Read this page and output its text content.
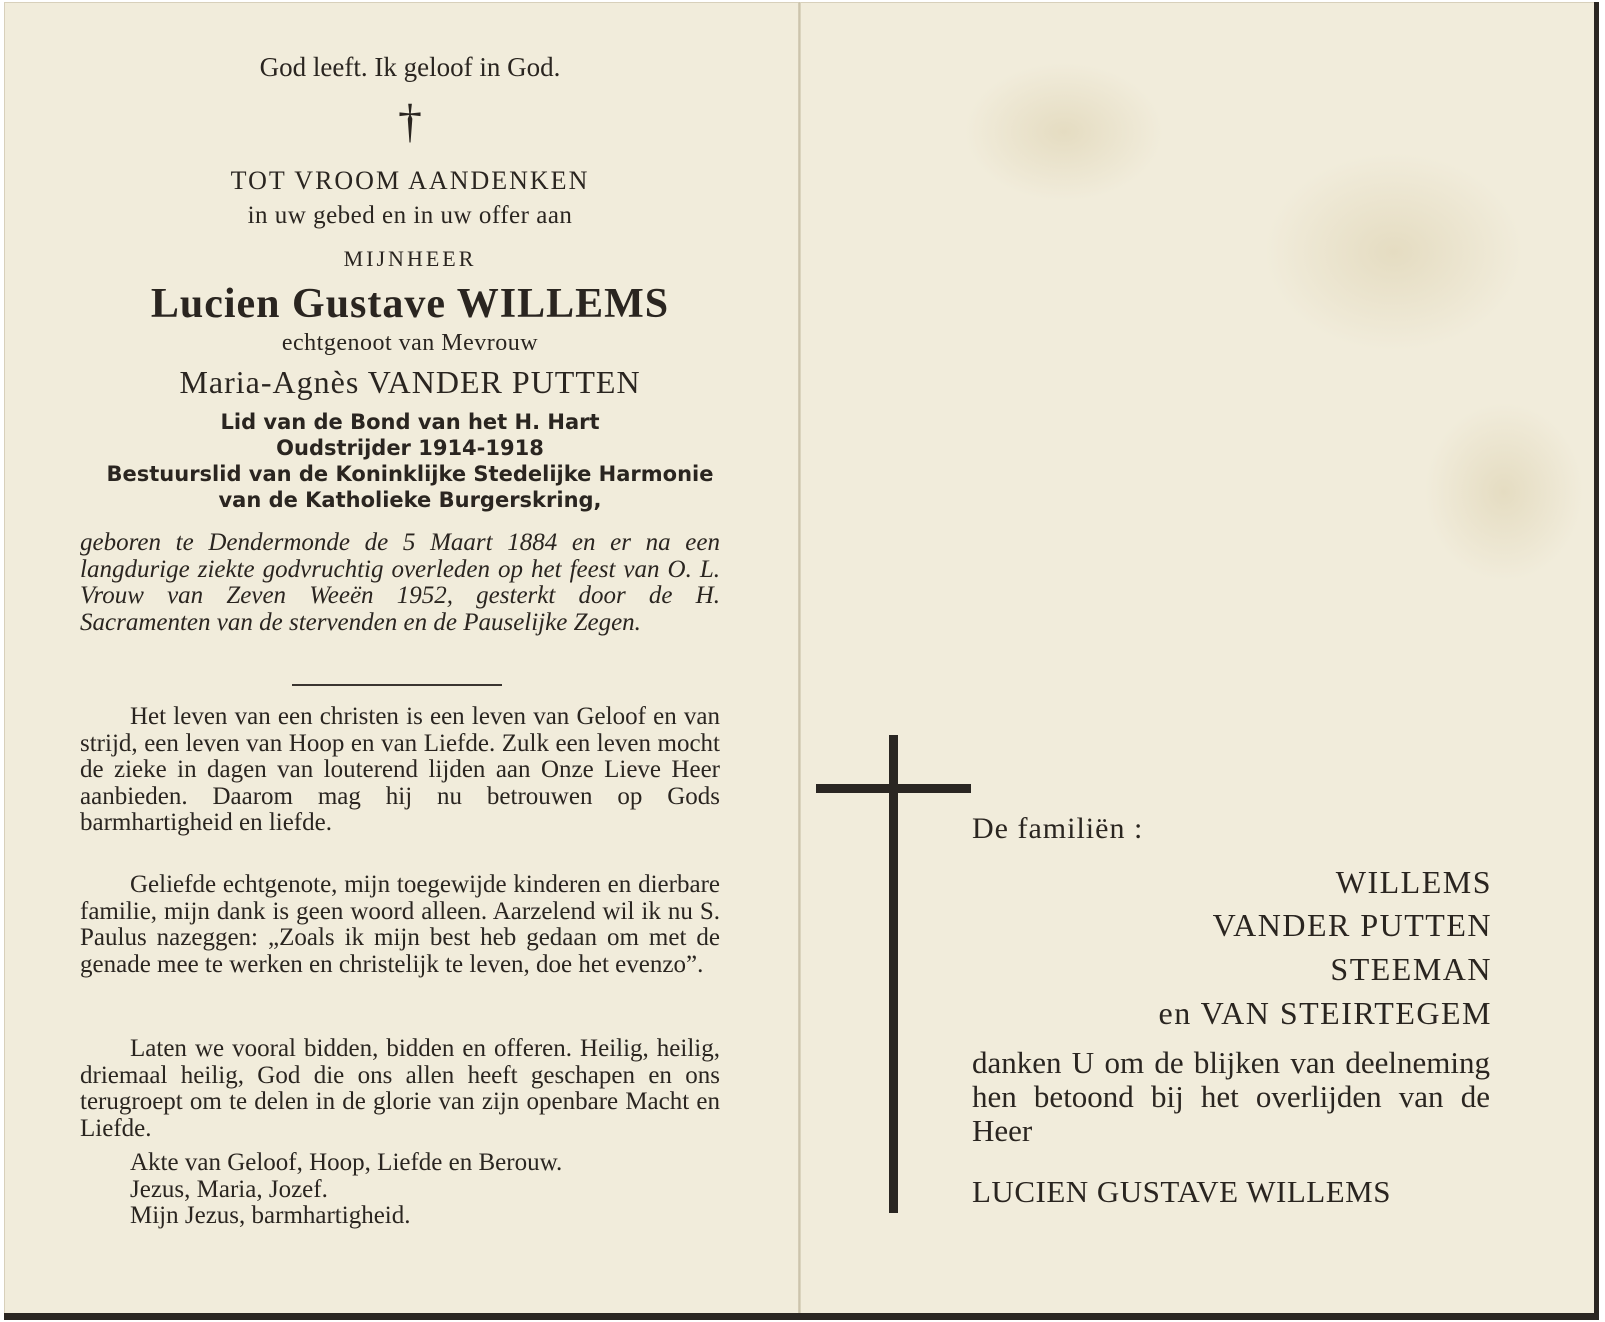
God leeft. Ik geloof in God.
†
TOT VROOM AANDENKEN
in uw gebed en in uw offer aan
MIJNHEER
Lucien Gustave WILLEMS
echtgenoot van Mevrouw
Maria-Agnès VANDER PUTTEN
Lid van de Bond van het H. Hart
Oudstrijder 1914-1918
Bestuurslid van de Koninklijke Stedelijke Harmonie
van de Katholieke Burgerskring,
geboren te Dendermonde de 5 Maart 1884 en er na een langdurige ziekte godvruchtig overleden op het feest van O. L. Vrouw van Zeven Weeën 1952, gesterkt door de H. Sacramenten van de stervenden en de Pauselijke Zegen.
Het leven van een christen is een leven van Geloof en van strijd, een leven van Hoop en van Liefde. Zulk een leven mocht de zieke in dagen van louterend lijden aan Onze Lieve Heer aanbieden. Daarom mag hij nu betrouwen op Gods barmhartigheid en liefde.
Geliefde echtgenote, mijn toegewijde kinderen en dierbare familie, mijn dank is geen woord alleen. Aarzelend wil ik nu S. Paulus nazeggen: „Zoals ik mijn best heb gedaan om met de genade mee te werken en christelijk te leven, doe het evenzo”.
Laten we vooral bidden, bidden en offeren. Heilig, heilig, driemaal heilig, God die ons allen heeft geschapen en ons terugroept om te delen in de glorie van zijn openbare Macht en Liefde.
Akte van Geloof, Hoop, Liefde en Berouw.
Jezus, Maria, Jozef.
Mijn Jezus, barmhartigheid.
De familiën :
WILLEMS
VANDER PUTTEN
STEEMAN
en VAN STEIRTEGEM
danken U om de blijken van deelneming hen betoond bij het overlijden van de Heer
LUCIEN GUSTAVE WILLEMS
